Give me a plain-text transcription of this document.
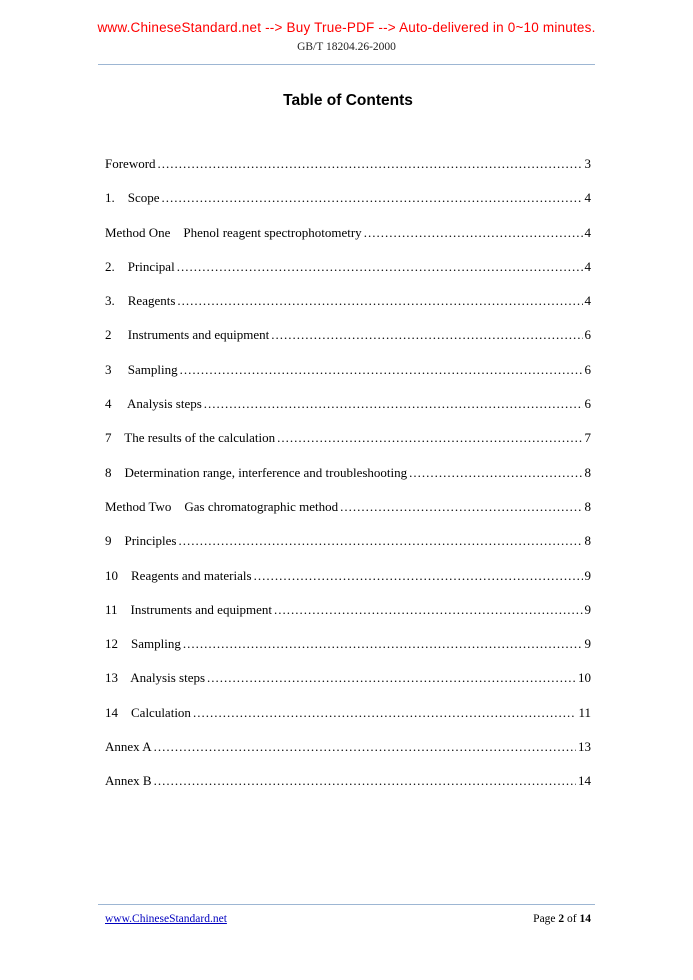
www.ChineseStandard.net --> Buy True-PDF --> Auto-delivered in 0~10 minutes.
GB/T 18204.26-2000
Table of Contents
Foreword .....	3
1.    Scope .....	4
Method One    Phenol reagent spectrophotometry .....	4
2.    Principal .....	4
3.    Reagents .....	4
2     Instruments and equipment .....	6
3     Sampling .....	6
4     Analysis steps .....	6
7    The results of the calculation .....	7
8    Determination range, interference and troubleshooting .....	8
Method Two    Gas chromatographic method .....	8
9    Principles .....	8
10    Reagents and materials .....	9
11    Instruments and equipment .....	9
12    Sampling .....	9
13    Analysis steps .....	10
14    Calculation .....	11
Annex A .....	13
Annex B .....	14
www.ChineseStandard.net	Page 2 of 14
